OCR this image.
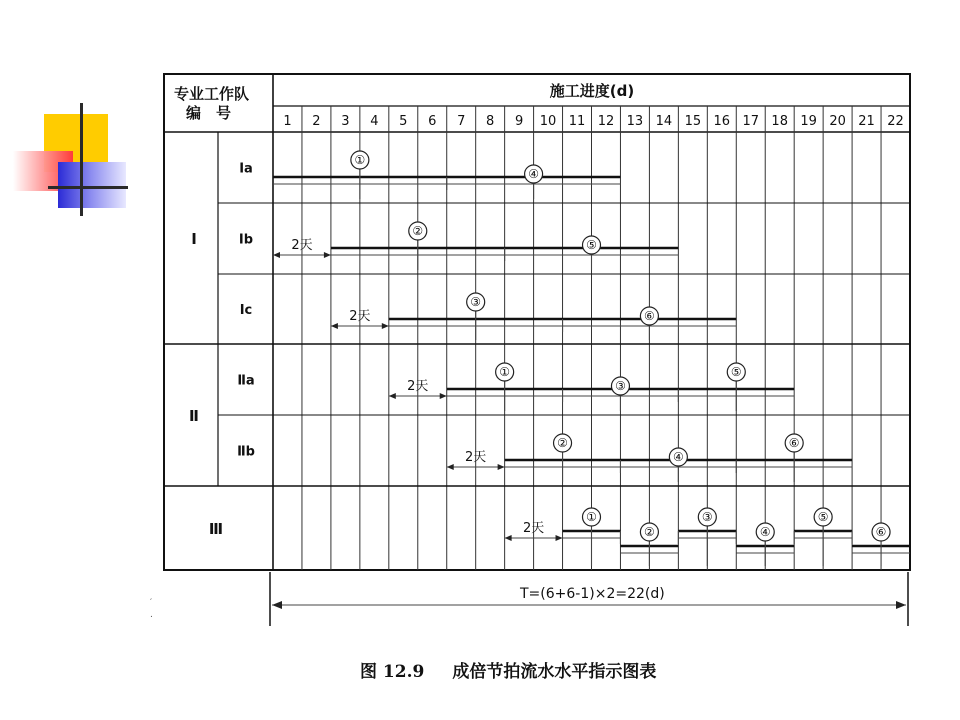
专业工作队
编　号
施工进度(d)
1 2 3 4 5 6 7 8 9 10 11 12 13 14 15 16 17 18 19 20 21 22
Ⅰ
Ⅱ
Ⅲ
Ⅰa
Ⅰb
Ⅰc
Ⅱa
Ⅱb
①
④
②
⑤
2天
③
⑥
2天
①
③
⑤
2天
②
④
⑥
2天
①
②
③
④
⑤
⑥
2天
T=(6+6-1)×2=22(d)
图 12.9 成倍节拍流水水平指示图表
′
.
